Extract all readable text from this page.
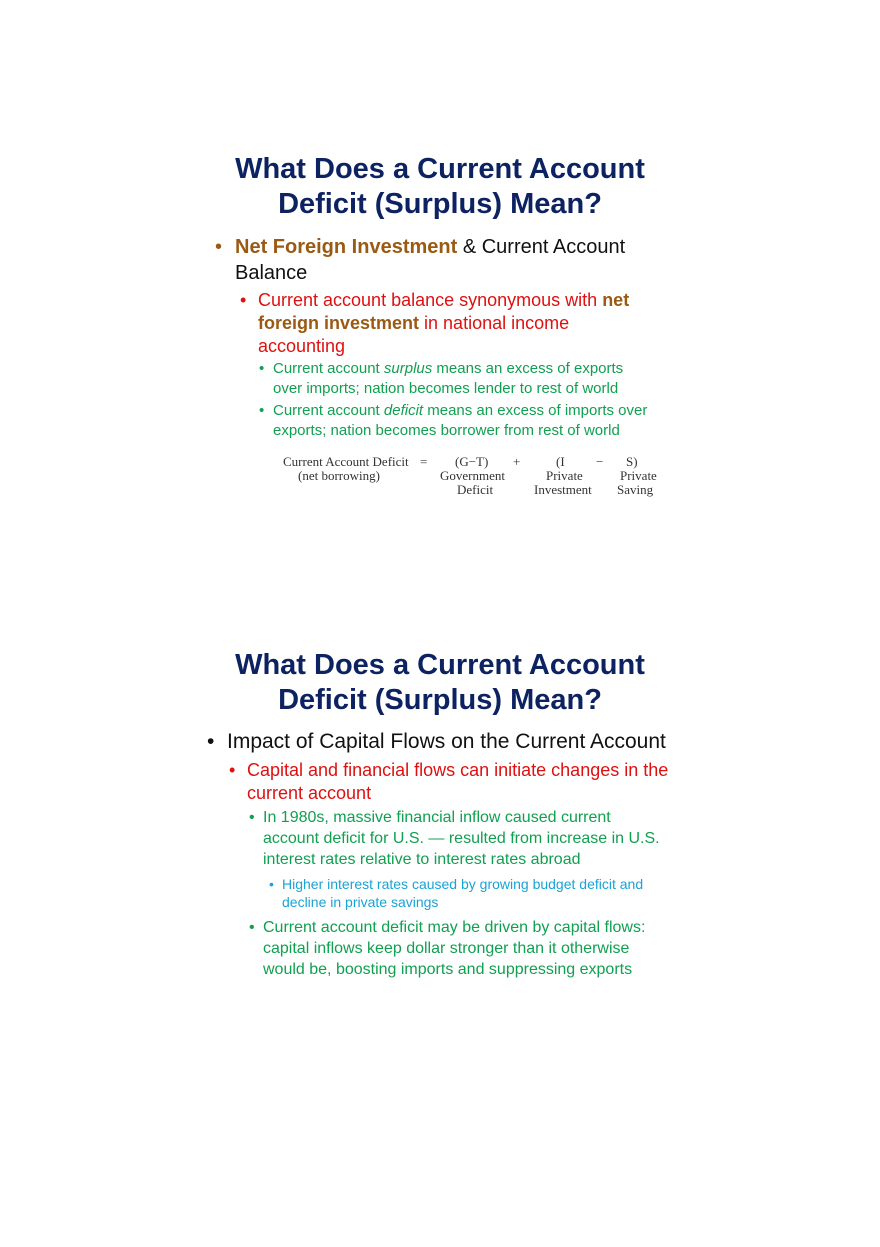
What Does a Current Account
Deficit (Surplus) Mean?
• Net Foreign Investment & Current Account
Balance
• Current account balance synonymous with net
foreign investment in national income
accounting
• Current account surplus means an excess of exports
over imports; nation becomes lender to rest of world
• Current account deficit means an excess of imports over
exports; nation becomes borrower from rest of world
Current Account Deficit
(net borrowing)
= (G−T)
Government
Deficit
+	(I
Private
Investment
− S)
Private
Saving
What Does a Current Account
Deficit (Surplus) Mean?
• Impact of Capital Flows on the Current Account
• Capital and financial flows can initiate changes in the
current account
• In 1980s, massive financial inflow caused current
account deficit for U.S. — resulted from increase in U.S.
interest rates relative to interest rates abroad
• Higher interest rates caused by growing budget deficit and
decline in private savings
• Current account deficit may be driven by capital flows:
capital inflows keep dollar stronger than it otherwise
would be, boosting imports and suppressing exports
